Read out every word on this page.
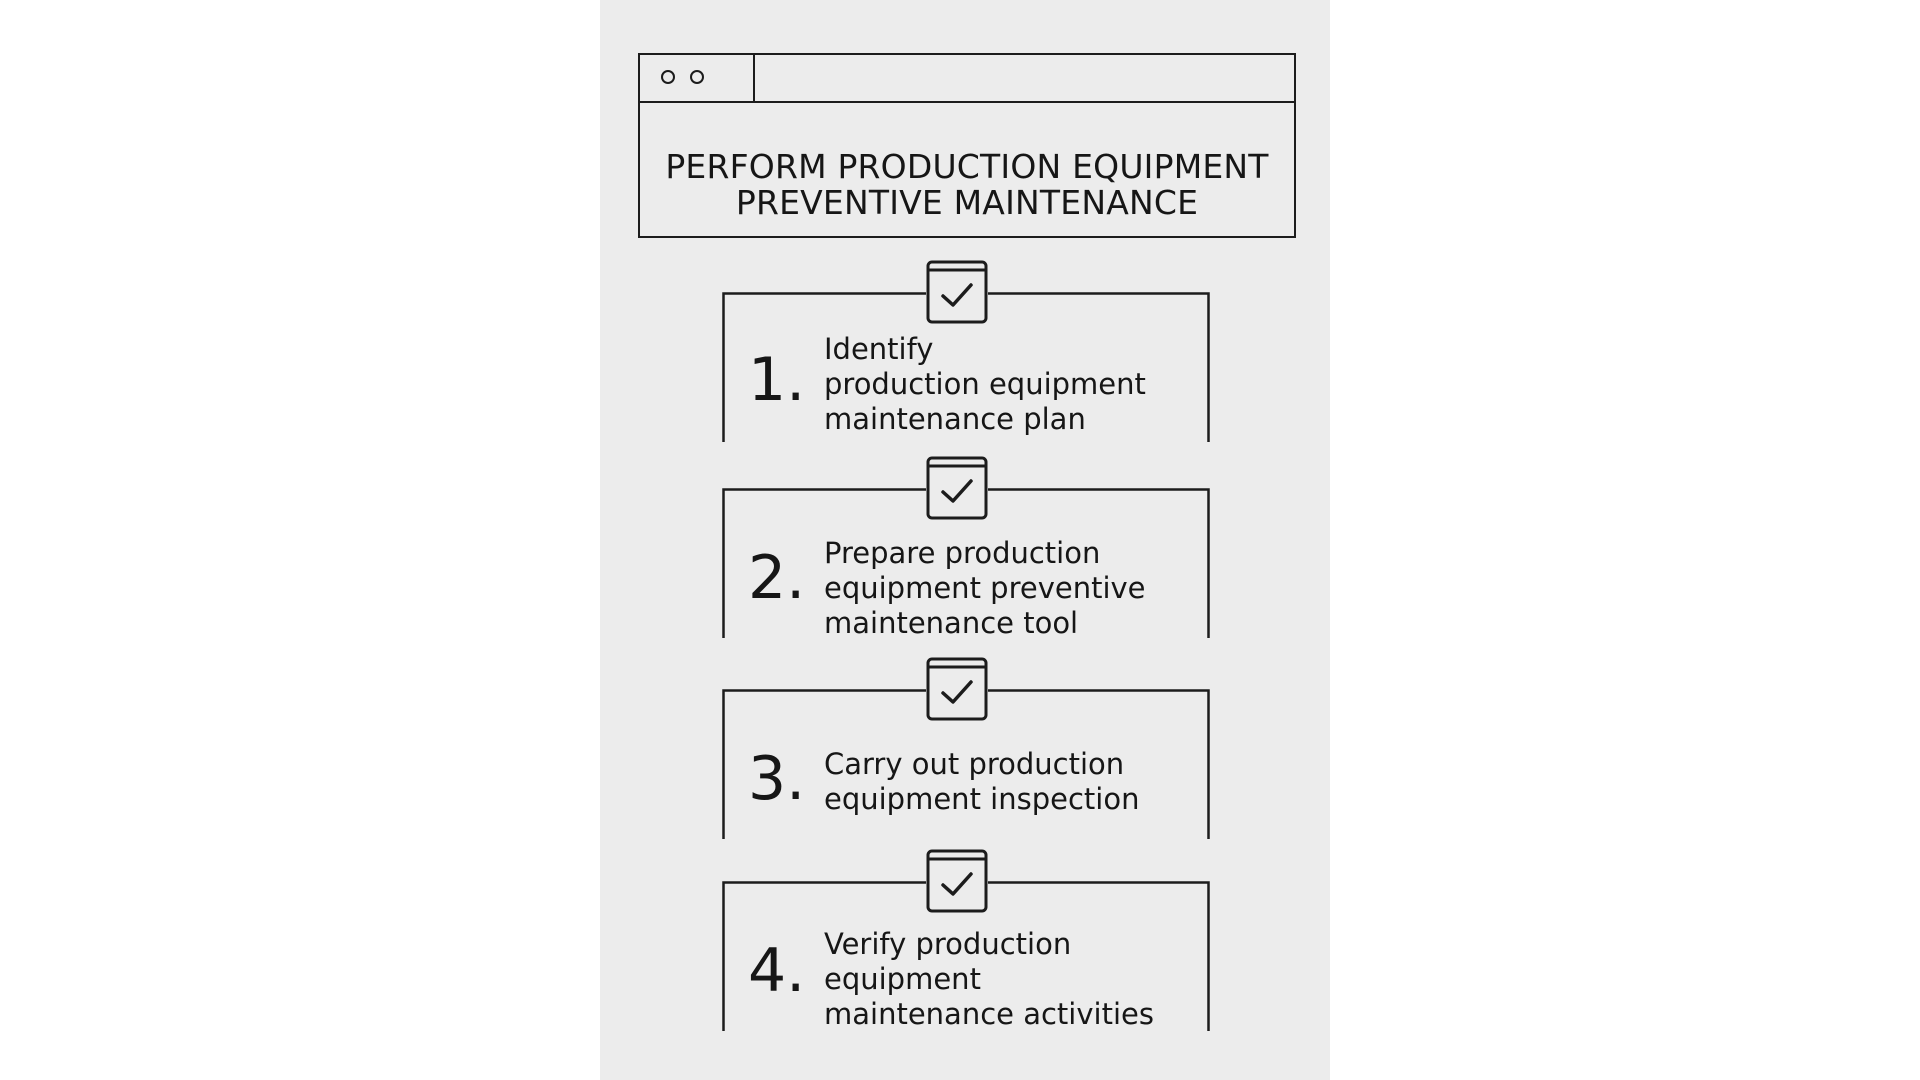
PERFORM PRODUCTION EQUIPMENT
PREVENTIVE MAINTENANCE
1. Identify
production equipment
maintenance plan
2. Prepare production
equipment preventive
maintenance tool
3. Carry out production
equipment inspection
4. Verify production
equipment
maintenance activities
